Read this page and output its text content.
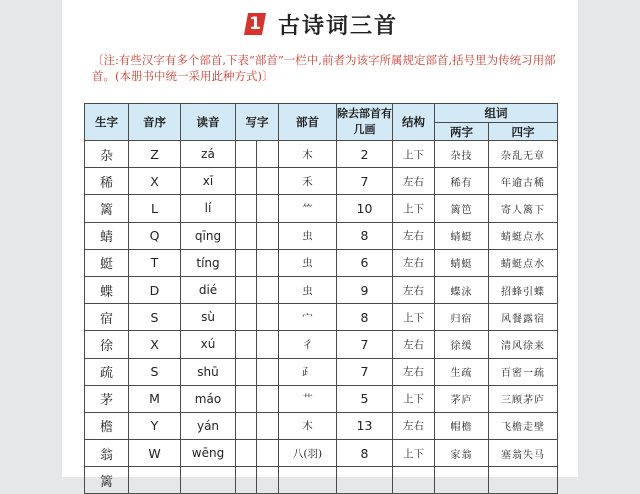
1 古诗词三首

〔注:有些汉字有多个部首,下表“部首”一栏中,前者为该字所属规定部首,括号里为传统习用部首。(本册书中统一采用此种方式)〕

生字	音序	读音	写字		部首	除去部首有几画	结构	组词	
								两字	四字
杂	Z	zá			木	2	上下	杂技	杂乱无章
稀	X	xī			禾	7	左右	稀有	年逾古稀
篱	L	lí			⺮	10	上下	篱笆	寄人篱下
蜻	Q	qīng			虫	8	左右	蜻蜓	蜻蜓点水
蜓	T	tíng			虫	6	左右	蜻蜓	蜻蜓点水
蝶	D	dié			虫	9	左右	蝶泳	招蜂引蝶
宿	S	sù			宀	8	上下	归宿	风餐露宿
徐	X	xú			彳	7	左右	徐缓	清风徐来
疏	S	shū			⺪	7	左右	生疏	百密一疏
茅	M	máo			艹	5	上下	茅庐	三顾茅庐
檐	Y	yán			木	13	左右	帽檐	飞檐走壁
翁	W	wēng			八(羽)	8	上下	家翁	塞翁失马
篱									
